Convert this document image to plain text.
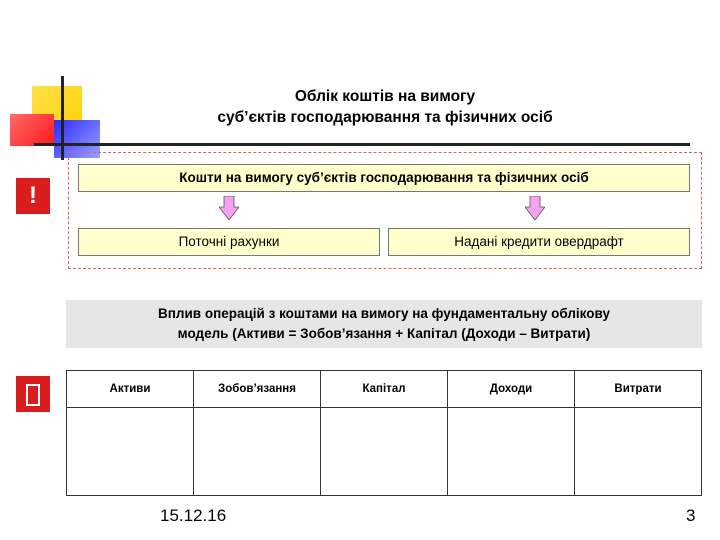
Облік коштів на вимогу
суб’єктів господарювання та фізичних осіб
!
Кошти на вимогу суб’єктів господарювання та фізичних осіб
Поточні рахунки	Надані кредити овердрафт
Вплив операцій з коштами на вимогу на фундаментальну облікову
модель (Активи = Зобов’язання + Капітал (Доходи – Витрати)
Активи	Зобов’язання	Капітал	Доходи	Витрати

15.12.16	3
